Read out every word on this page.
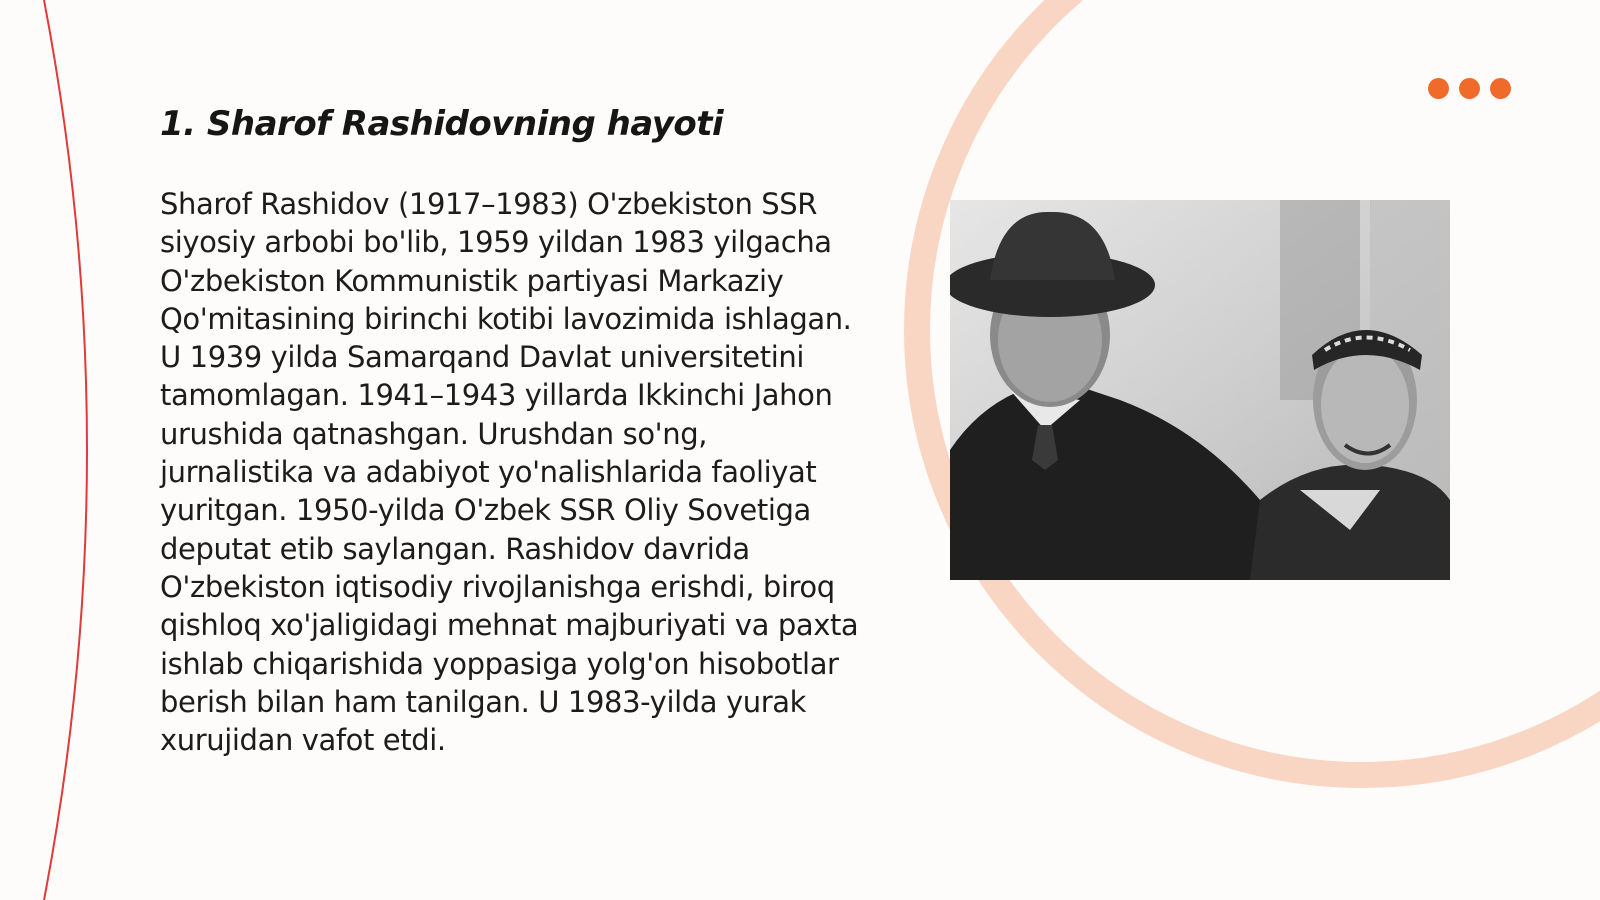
1. Sharof Rashidovning hayoti

Sharof Rashidov (1917–1983) O'zbekiston SSR siyosiy arbobi bo'lib, 1959 yildan 1983 yilgacha O'zbekiston Kommunistik partiyasi Markaziy Qo'mitasining birinchi kotibi lavozimida ishlagan. U 1939 yilda Samarqand Davlat universitetini tamomlagan. 1941–1943 yillarda Ikkinchi Jahon urushida qatnashgan. Urushdan so'ng, jurnalistika va adabiyot yo'nalishlarida faoliyat yuritgan. 1950-yilda O'zbek SSR Oliy Sovetiga deputat etib saylangan. Rashidov davrida O'zbekiston iqtisodiy rivojlanishga erishdi, biroq qishloq xo'jaligidagi mehnat majburiyati va paxta ishlab chiqarishida yoppasiga yolg'on hisobotlar berish bilan ham tanilgan. U 1983-yilda yurak xurujidan vafot etdi.
